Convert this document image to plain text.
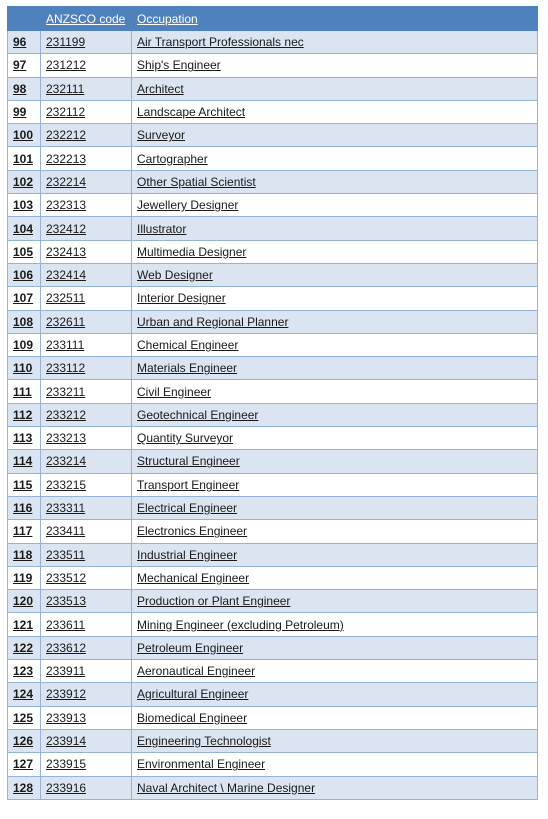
	ANZSCO code	Occupation
96	231199	Air Transport Professionals nec
97	231212	Ship's Engineer
98	232111	Architect
99	232112	Landscape Architect
100	232212	Surveyor
101	232213	Cartographer
102	232214	Other Spatial Scientist
103	232313	Jewellery Designer
104	232412	Illustrator
105	232413	Multimedia Designer
106	232414	Web Designer
107	232511	Interior Designer
108	232611	Urban and Regional Planner
109	233111	Chemical Engineer
110	233112	Materials Engineer
111	233211	Civil Engineer
112	233212	Geotechnical Engineer
113	233213	Quantity Surveyor
114	233214	Structural Engineer
115	233215	Transport Engineer
116	233311	Electrical Engineer
117	233411	Electronics Engineer
118	233511	Industrial Engineer
119	233512	Mechanical Engineer
120	233513	Production or Plant Engineer
121	233611	Mining Engineer (excluding Petroleum)
122	233612	Petroleum Engineer
123	233911	Aeronautical Engineer
124	233912	Agricultural Engineer
125	233913	Biomedical Engineer
126	233914	Engineering Technologist
127	233915	Environmental Engineer
128	233916	Naval Architect \ Marine Designer
